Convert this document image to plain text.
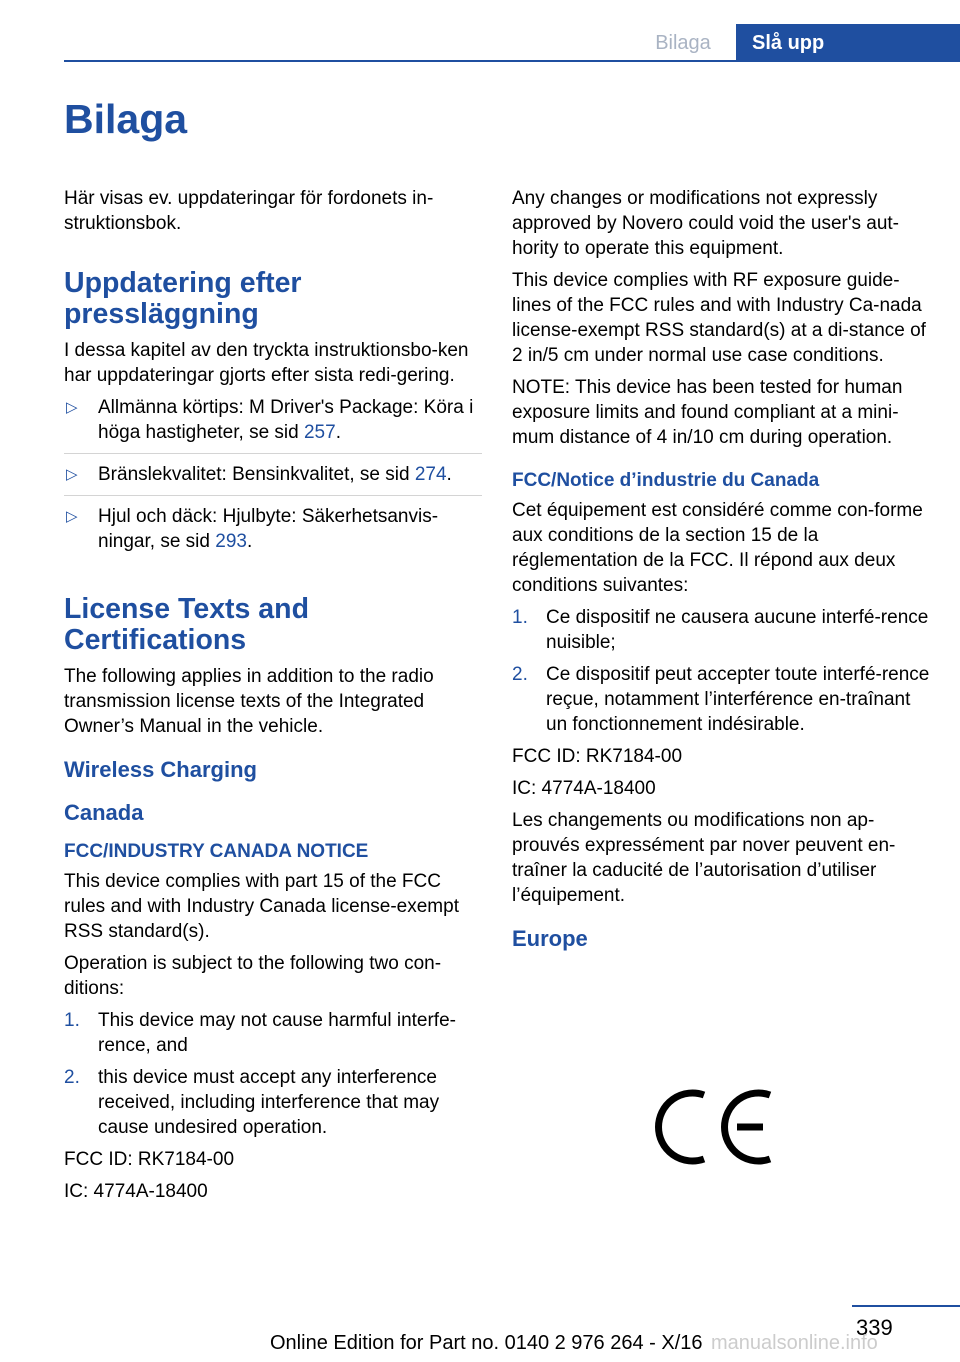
Bilaga	Slå upp
Bilaga

Här visas ev. uppdateringar för fordonets in-struktionsbok.

Uppdatering efter pressläggning

I dessa kapitel av den tryckta instruktionsbo-ken har uppdateringar gjorts efter sista redi-gering.

▷ Allmänna körtips: M Driver's Package: Köra i höga hastigheter, se sid 257.
▷ Bränslekvalitet: Bensinkvalitet, se sid 274.
▷ Hjul och däck: Hjulbyte: Säkerhetsanvis-ningar, se sid 293.
License Texts and Certifications

The following applies in addition to the radio transmission license texts of the Integrated Owner’s Manual in the vehicle.

Wireless Charging
Canada
FCC/INDUSTRY CANADA NOTICE

This device complies with part 15 of the FCC rules and with Industry Canada license-exempt RSS standard(s).

Operation is subject to the following two con-ditions:

1. This device may not cause harmful interfe-rence, and
2. this device must accept any interference received, including interference that may cause undesired operation.

FCC ID: RK7184-00

IC: 4774A-18400

Any changes or modifications not expressly approved by Novero could void the user's aut-hority to operate this equipment.

This device complies with RF exposure guide-lines of the FCC rules and with Industry Ca-nada license-exempt RSS standard(s) at a di-stance of 2 in/5 cm under normal use case conditions.

NOTE: This device has been tested for human exposure limits and found compliant at a mini-mum distance of 4 in/10 cm during operation.

FCC/Notice d’industrie du Canada

Cet équipement est considéré comme con-forme aux conditions de la section 15 de la réglementation de la FCC. Il répond aux deux conditions suivantes:

1. Ce dispositif ne causera aucune interfé-rence nuisible;
2. Ce dispositif peut accepter toute interfé-rence reçue, notamment l’interférence en-traînant un fonctionnement indésirable.

FCC ID: RK7184-00

IC: 4774A-18400

Les changements ou modifications non ap-prouvés expressément par nover peuvent en-traîner la caducité de l’autorisation d’utiliser l’équipement.

Europe
339
Online Edition for Part no. 0140 2 976 264 - X/16 manualsonline.info
